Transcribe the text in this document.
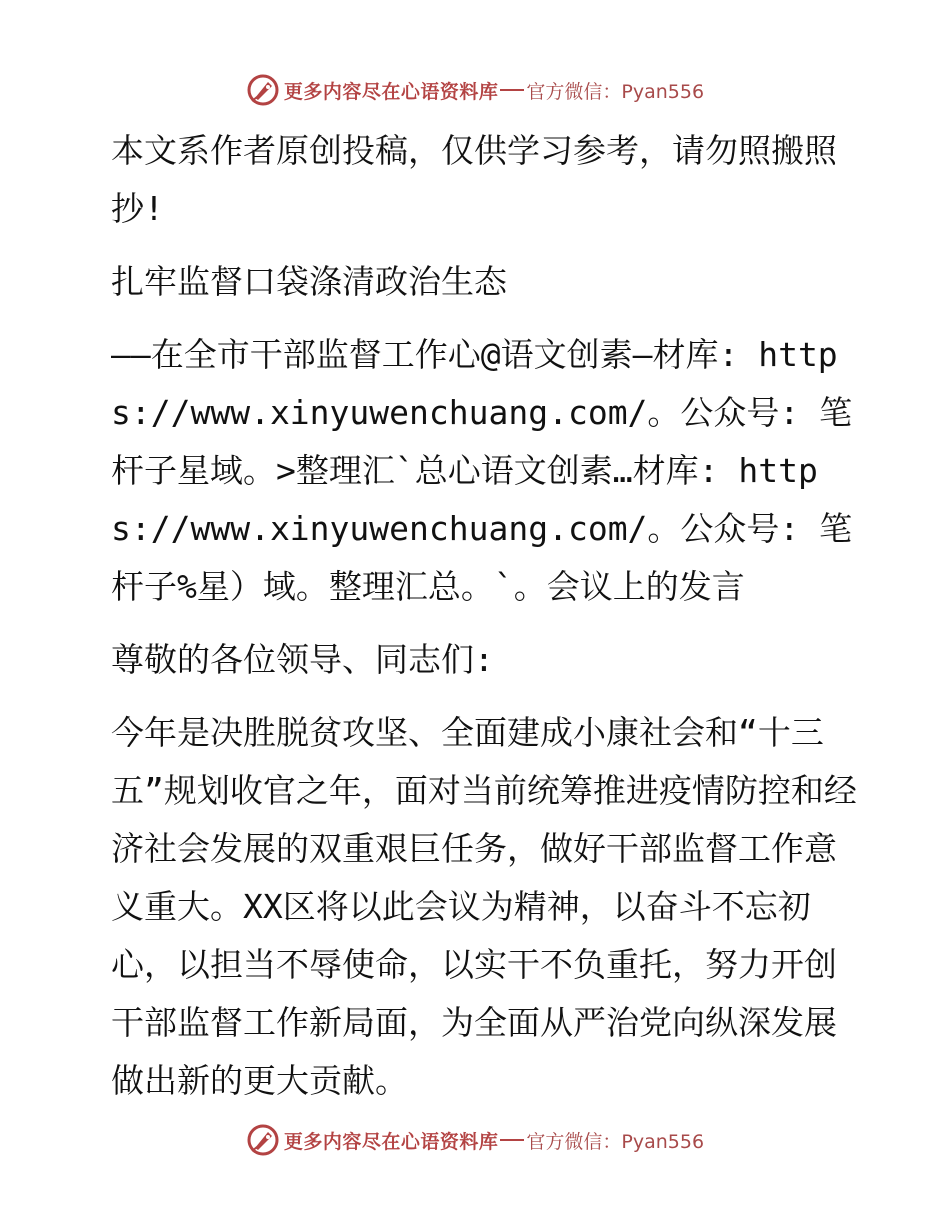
更多内容尽在心语资料库 官方微信：Pyan556

本文系作者原创投稿，仅供学习参考，请勿照搬照抄!

扎牢监督口袋涤清政治生态

——在全市干部监督工作心@语文创素—材库: https://www.xinyuwenchuang.com/。公众号: 笔杆子星域。>整理汇`总心语文创素…材库: https://www.xinyuwenchuang.com/。公众号: 笔杆子%星）域。整理汇总。`。会议上的发言

尊敬的各位领导、同志们:

今年是决胜脱贫攻坚、全面建成小康社会和“十三五”规划收官之年，面对当前统筹推进疫情防控和经济社会发展的双重艰巨任务，做好干部监督工作意义重大。XX区将以此会议为精神，以奋斗不忘初心，以担当不辱使命，以实干不负重托，努力开创干部监督工作新局面，为全面从严治党向纵深发展做出新的更大贡献。

更多内容尽在心语资料库 官方微信：Pyan556
